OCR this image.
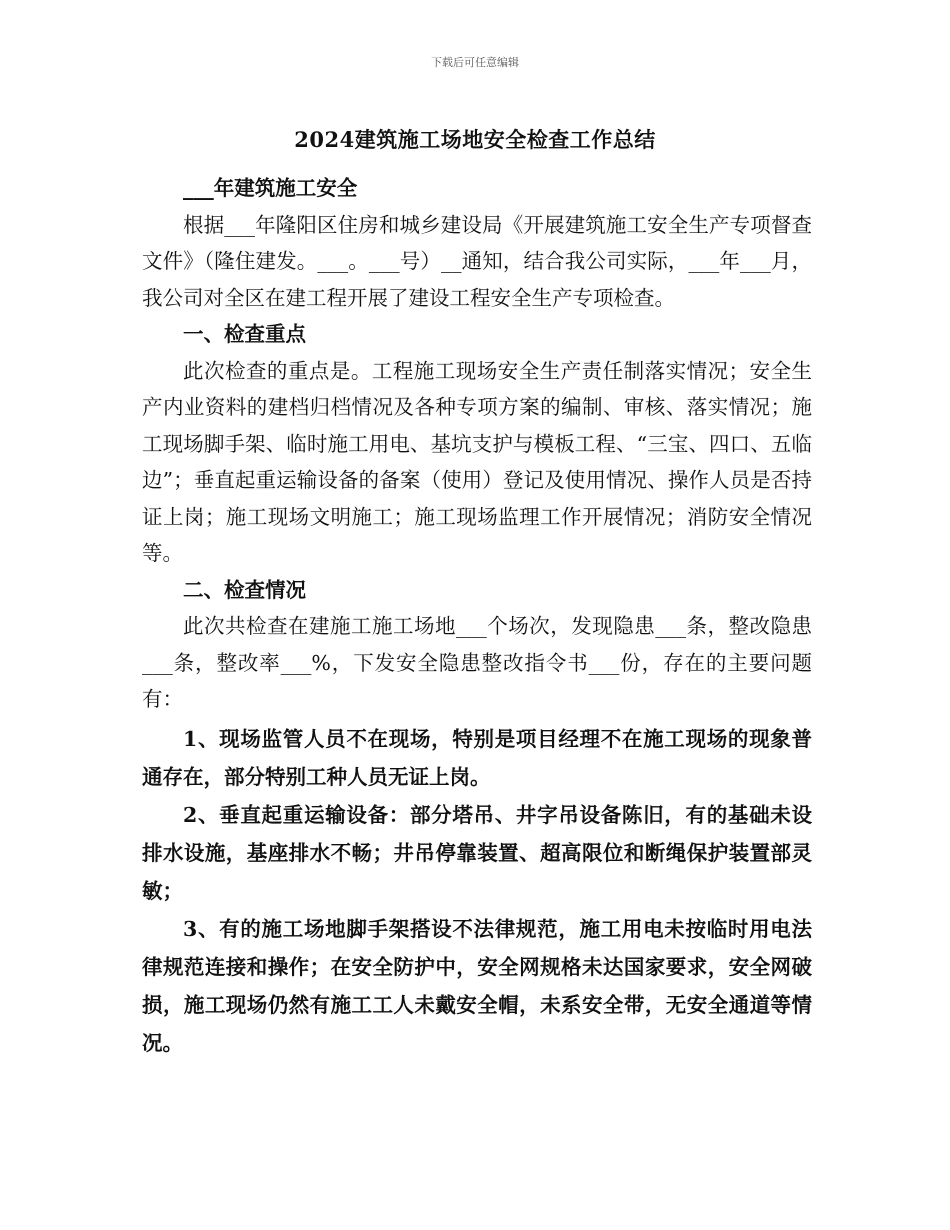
下载后可任意编辑
2024建筑施工场地安全检查工作总结

___年建筑施工安全

根据___年隆阳区住房和城乡建设局《开展建筑施工安全生产专项督查文件》（隆住建发。___。___号）__通知，结合我公司实际，___年___月，我公司对全区在建工程开展了建设工程安全生产专项检查。

一、检查重点

此次检查的重点是。工程施工现场安全生产责任制落实情况；安全生产内业资料的建档归档情况及各种专项方案的编制、审核、落实情况；施工现场脚手架、临时施工用电、基坑支护与模板工程、“三宝、四口、五临边”；垂直起重运输设备的备案（使用）登记及使用情况、操作人员是否持证上岗；施工现场文明施工；施工现场监理工作开展情况；消防安全情况等。

二、检查情况

此次共检查在建施工施工场地___个场次，发现隐患___条，整改隐患___条，整改率___%，下发安全隐患整改指令书___份，存在的主要问题有：

1、现场监管人员不在现场，特别是项目经理不在施工现场的现象普通存在，部分特别工种人员无证上岗。

2、垂直起重运输设备：部分塔吊、井字吊设备陈旧，有的基础未设排水设施，基座排水不畅；井吊停靠装置、超高限位和断绳保护装置部灵敏；

3、有的施工场地脚手架搭设不法律规范，施工用电未按临时用电法律规范连接和操作；在安全防护中，安全网规格未达国家要求，安全网破损，施工现场仍然有施工工人未戴安全帽，未系安全带，无安全通道等情况。
